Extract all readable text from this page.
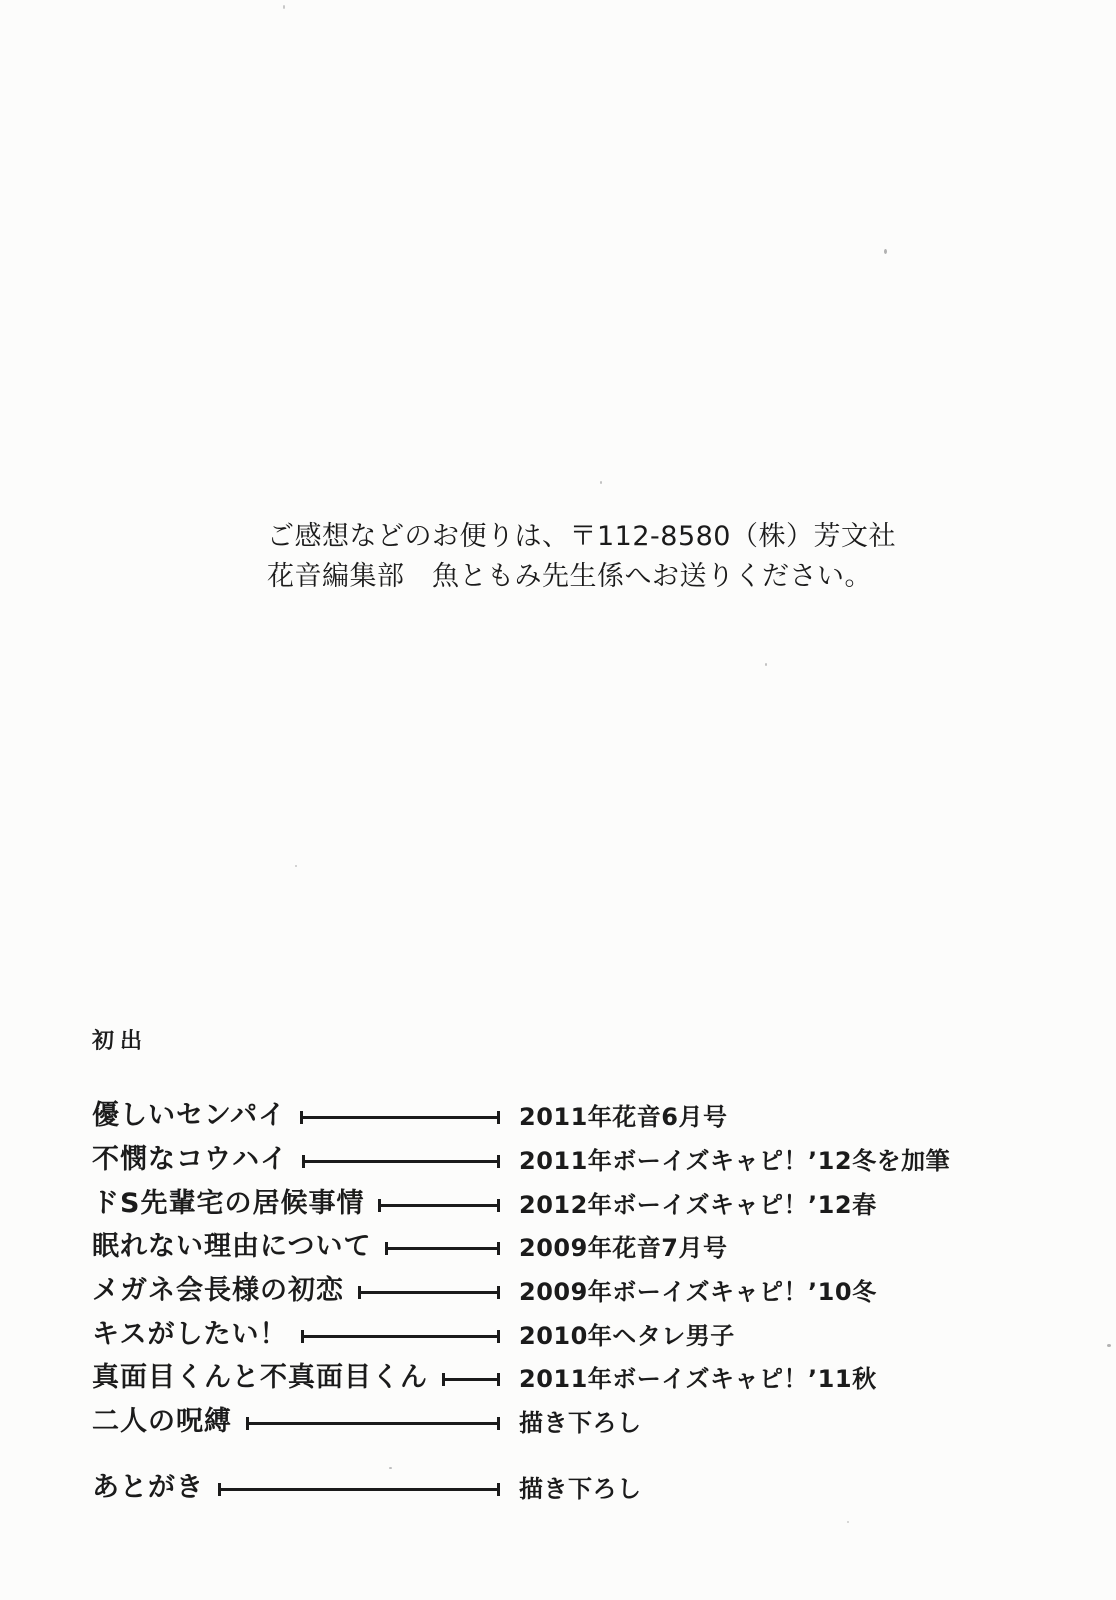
ご感想などのお便りは、〒112-8580（株）芳文社
花音編集部　魚ともみ先生係へお送りください。
初出
優しいセンパイ	2011年花音6月号
不憫なコウハイ	2011年ボーイズキャピ！’12冬を加筆
ドS先輩宅の居候事情	2012年ボーイズキャピ！’12春
眠れない理由について	2009年花音7月号
メガネ会長様の初恋	2009年ボーイズキャピ！’10冬
キスがしたい！	2010年ヘタレ男子
真面目くんと不真面目くん	2011年ボーイズキャピ！’11秋
二人の呪縛	描き下ろし
あとがき	描き下ろし
